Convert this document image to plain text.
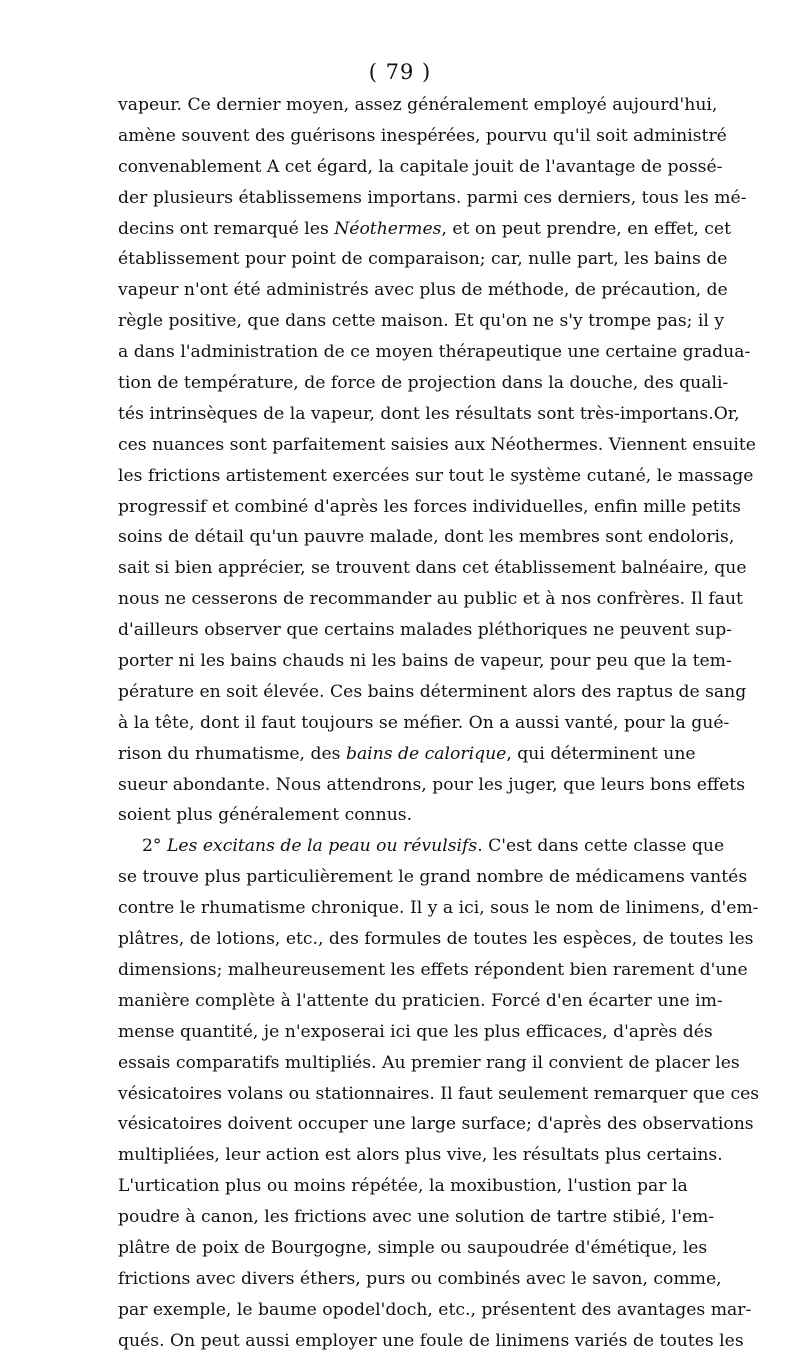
( 79 )
vapeur. Ce dernier moyen, assez généralement employé aujourd'hui,
amène souvent des guérisons inespérées, pourvu qu'il soit administré
convenablement A cet égard, la capitale jouit de l'avantage de possé-
der plusieurs établissemens importans. parmi ces derniers, tous les mé-
decins ont remarqué les Néothermes, et on peut prendre, en effet, cet
établissement pour point de comparaison; car, nulle part, les bains de
vapeur n'ont été administrés avec plus de méthode, de précaution, de
règle positive, que dans cette maison. Et qu'on ne s'y trompe pas; il y
a dans l'administration de ce moyen thérapeutique une certaine gradua-
tion de température, de force de projection dans la douche, des quali-
tés intrinsèques de la vapeur, dont les résultats sont très-importans.Or,
ces nuances sont parfaitement saisies aux Néothermes. Viennent ensuite
les frictions artistement exercées sur tout le système cutané, le massage
progressif et combiné d'après les forces individuelles, enfin mille petits
soins de détail qu'un pauvre malade, dont les membres sont endoloris,
sait si bien apprécier, se trouvent dans cet établissement balnéaire, que
nous ne cesserons de recommander au public et à nos confrères. Il faut
d'ailleurs observer que certains malades pléthoriques ne peuvent sup-
porter ni les bains chauds ni les bains de vapeur, pour peu que la tem-
pérature en soit élevée. Ces bains déterminent alors des raptus de sang
à la tête, dont il faut toujours se méfier. On a aussi vanté, pour la gué-
rison du rhumatisme, des bains de calorique, qui déterminent une
sueur abondante. Nous attendrons, pour les juger, que leurs bons effets
soient plus généralement connus.
2° Les excitans de la peau ou révulsifs. C'est dans cette classe que
se trouve plus particulièrement le grand nombre de médicamens vantés
contre le rhumatisme chronique. Il y a ici, sous le nom de linimens, d'em-
plâtres, de lotions, etc., des formules de toutes les espèces, de toutes les
dimensions; malheureusement les effets répondent bien rarement d'une
manière complète à l'attente du praticien. Forcé d'en écarter une im-
mense quantité, je n'exposerai ici que les plus efficaces, d'après dés
essais comparatifs multipliés. Au premier rang il convient de placer les
vésicatoires volans ou stationnaires. Il faut seulement remarquer que ces
vésicatoires doivent occuper une large surface; d'après des observations
multipliées, leur action est alors plus vive, les résultats plus certains.
L'urtication plus ou moins répétée, la moxibustion, l'ustion par la
poudre à canon, les frictions avec une solution de tartre stibié, l'em-
plâtre de poix de Bourgogne, simple ou saupoudrée d'émétique, les
frictions avec divers éthers, purs ou combinés avec le savon, comme,
par exemple, le baume opodel'doch, etc., présentent des avantages mar-
qués. On peut aussi employer une foule de linimens variés de toutes les
